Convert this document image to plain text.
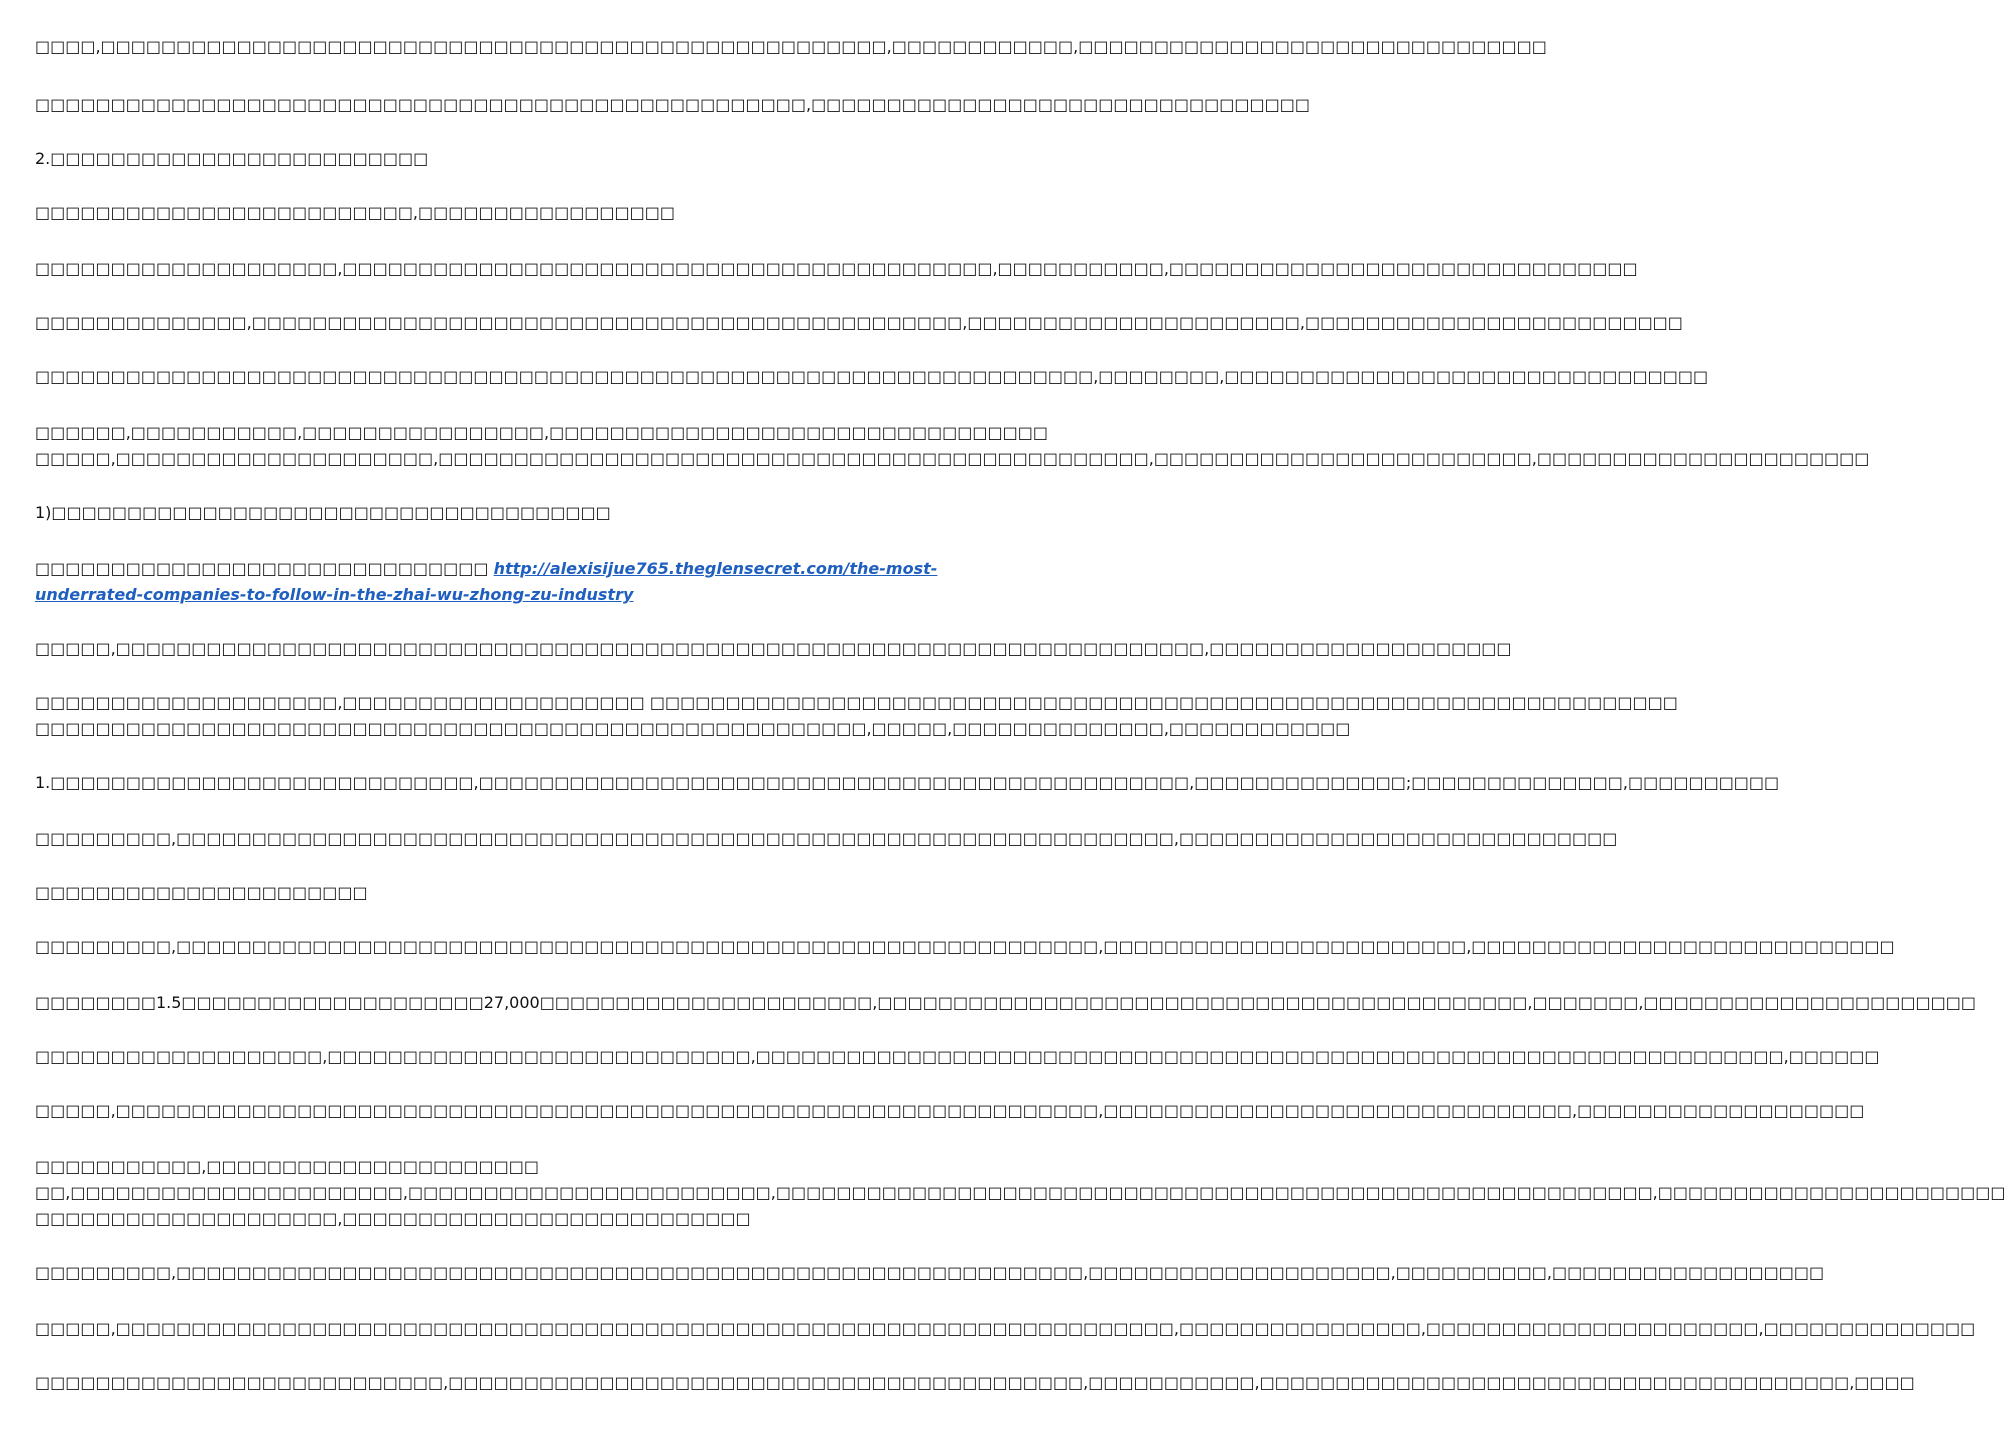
□□□□,□□□□□□□□□□□□□□□□□□□□□□□□□□□□□□□□□□□□□□□□□□□□□□□□□□□□,□□□□□□□□□□□□,□□□□□□□□□□□□□□□□□□□□□□□□□□□□□□□
□□□□□□□□□□□□□□□□□□□□□□□□□□□□□□□□□□□□□□□□□□□□□□□□□□□,□□□□□□□□□□□□□□□□□□□□□□□□□□□□□□□□□
2.□□□□□□□□□□□□□□□□□□□□□□□□□
□□□□□□□□□□□□□□□□□□□□□□□□□,□□□□□□□□□□□□□□□□□
□□□□□□□□□□□□□□□□□□□□,□□□□□□□□□□□□□□□□□□□□□□□□□□□□□□□□□□□□□□□□□□□,□□□□□□□□□□□,□□□□□□□□□□□□□□□□□□□□□□□□□□□□□□□
□□□□□□□□□□□□□□,□□□□□□□□□□□□□□□□□□□□□□□□□□□□□□□□□□□□□□□□□□□□□□□,□□□□□□□□□□□□□□□□□□□□□□,□□□□□□□□□□□□□□□□□□□□□□□□□
□□□□□□□□□□□□□□□□□□□□□□□□□□□□□□□□□□□□□□□□□□□□□□□□□□□□□□□□□□□□□□□□□□□□□□,□□□□□□□□,□□□□□□□□□□□□□□□□□□□□□□□□□□□□□□□□
□□□□□□,□□□□□□□□□□□,□□□□□□□□□□□□□□□□,□□□□□□□□□□□□□□□□□□□□□□□□□□□□□□□□□
□□□□□,□□□□□□□□□□□□□□□□□□□□□,□□□□□□□□□□□□□□□□□□□□□□□□□□□□□□□□□□□□□□□□□□□□□□□,□□□□□□□□□□□□□□□□□□□□□□□□□,□□□□□□□□□□□□□□□□□□□□□□
1)□□□□□□□□□□□□□□□□□□□□□□□□□□□□□□□□□□□□□
□□□□□□□□□□□□□□□□□□□□□□□□□□□□□□ http://alexisijue765.theglensecret.com/the-most-underrated-companies-to-follow-in-the-zhai-wu-zhong-zu-industry
□□□□□,□□□□□□□□□□□□□□□□□□□□□□□□□□□□□□□□□□□□□□□□□□□□□□□□□□□□□□□□□□□□□□□□□□□□□□□□,□□□□□□□□□□□□□□□□□□□□
□□□□□□□□□□□□□□□□□□□□,□□□□□□□□□□□□□□□□□□□□ □□□□□□□□□□□□□□□□□□□□□□□□□□□□□□□□□□□□□□□□□□□□□□□□□□□□□□□□□□□□□□□□□□□□
□□□□□□□□□□□□□□□□□□□□□□□□□□□□□□□□□□□□□□□□□□□□□□□□□□□□□□□,□□□□□,□□□□□□□□□□□□□□,□□□□□□□□□□□□
1.□□□□□□□□□□□□□□□□□□□□□□□□□□□□,□□□□□□□□□□□□□□□□□□□□□□□□□□□□□□□□□□□□□□□□□□□□□□□,□□□□□□□□□□□□□□;□□□□□□□□□□□□□□,□□□□□□□□□□
□□□□□□□□□,□□□□□□□□□□□□□□□□□□□□□□□□□□□□□□□□□□□□□□□□□□□□□□□□□□□□□□□□□□□□□□□□□□,□□□□□□□□□□□□□□□□□□□□□□□□□□□□□
□□□□□□□□□□□□□□□□□□□□□□
□□□□□□□□□,□□□□□□□□□□□□□□□□□□□□□□□□□□□□□□□□□□□□□□□□□□□□□□□□□□□□□□□□□□□□□,□□□□□□□□□□□□□□□□□□□□□□□□,□□□□□□□□□□□□□□□□□□□□□□□□□□□□
□□□□□□□□1.5□□□□□□□□□□□□□□□□□□□□27,000□□□□□□□□□□□□□□□□□□□□□□,□□□□□□□□□□□□□□□□□□□□□□□□□□□□□□□□□□□□□□□□□□□,□□□□□□□,□□□□□□□□□□□□□□□□□□□□□□
□□□□□□□□□□□□□□□□□□□,□□□□□□□□□□□□□□□□□□□□□□□□□□□□,□□□□□□□□□□□□□□□□□□□□□□□□□□□□□□□□□□□□□□□□□□□□□□□□□□□□□□□□□□□□□□□□□□□□,□□□□□□
□□□□□,□□□□□□□□□□□□□□□□□□□□□□□□□□□□□□□□□□□□□□□□□□□□□□□□□□□□□□□□□□□□□□□□□,□□□□□□□□□□□□□□□□□□□□□□□□□□□□□□□,□□□□□□□□□□□□□□□□□□□
□□□□□□□□□□□,□□□□□□□□□□□□□□□□□□□□□□
□□,□□□□□□□□□□□□□□□□□□□□□□,□□□□□□□□□□□□□□□□□□□□□□□□,□□□□□□□□□□□□□□□□□□□□□□□□□□□□□□□□□□□□□□□□□□□□□□□□□□□□□□□□□□,□□□□□□□□□□□□□□□□□□□□□□□
□□□□□□□□□□□□□□□□□□□□,□□□□□□□□□□□□□□□□□□□□□□□□□□□
□□□□□□□□□,□□□□□□□□□□□□□□□□□□□□□□□□□□□□□□□□□□□□□□□□□□□□□□□□□□□□□□□□□□□□,□□□□□□□□□□□□□□□□□□□□,□□□□□□□□□□,□□□□□□□□□□□□□□□□□□
□□□□□,□□□□□□□□□□□□□□□□□□□□□□□□□□□□□□□□□□□□□□□□□□□□□□□□□□□□□□□□□□□□□□□□□□□□□□,□□□□□□□□□□□□□□□□,□□□□□□□□□□□□□□□□□□□□□□,□□□□□□□□□□□□□□
□□□□□□□□□□□□□□□□□□□□□□□□□□□,□□□□□□□□□□□□□□□□□□□□□□□□□□□□□□□□□□□□□□□□□□,□□□□□□□□□□□,□□□□□□□□□□□□□□□□□□□□□□□□□□□□□□□□□□□□□□□,□□□□
